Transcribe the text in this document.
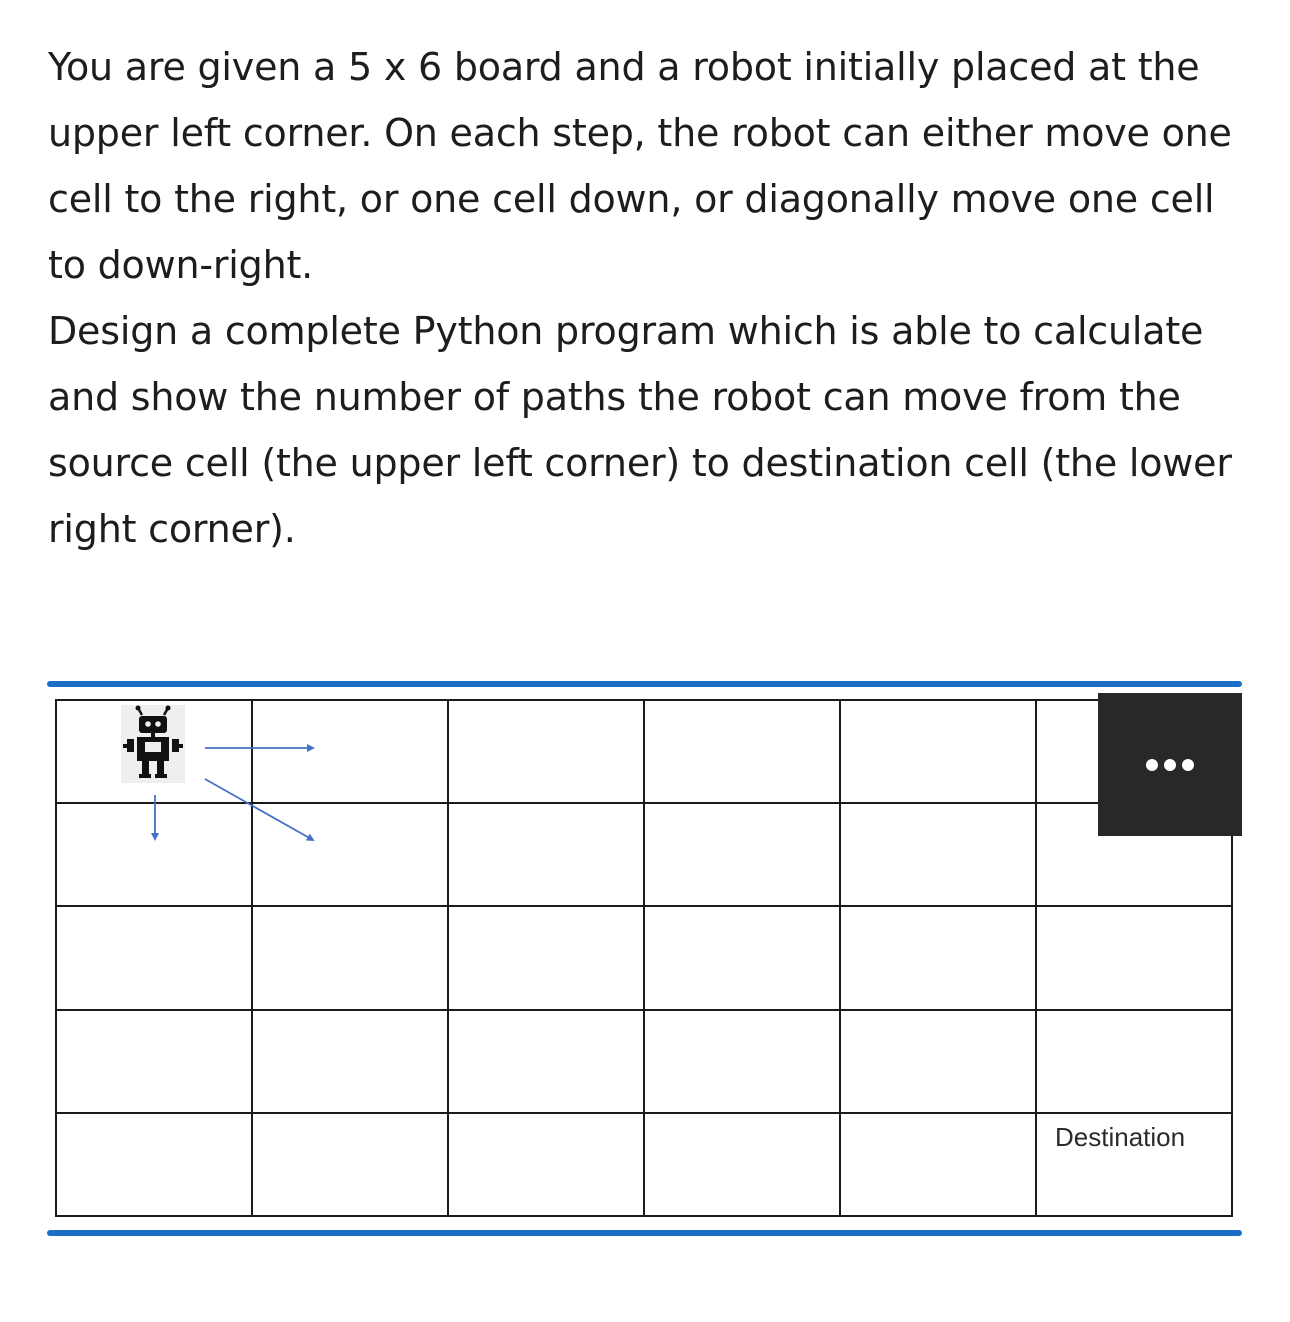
You are given a 5 x 6 board and a robot initially placed at the upper left corner. On each step, the robot can either move one cell to the right, or one cell down, or diagonally move one cell to down-right.

Design a complete Python program which is able to calculate and show the number of paths the robot can move from the source cell (the upper left corner) to destination cell (the lower right corner).

					Destination
